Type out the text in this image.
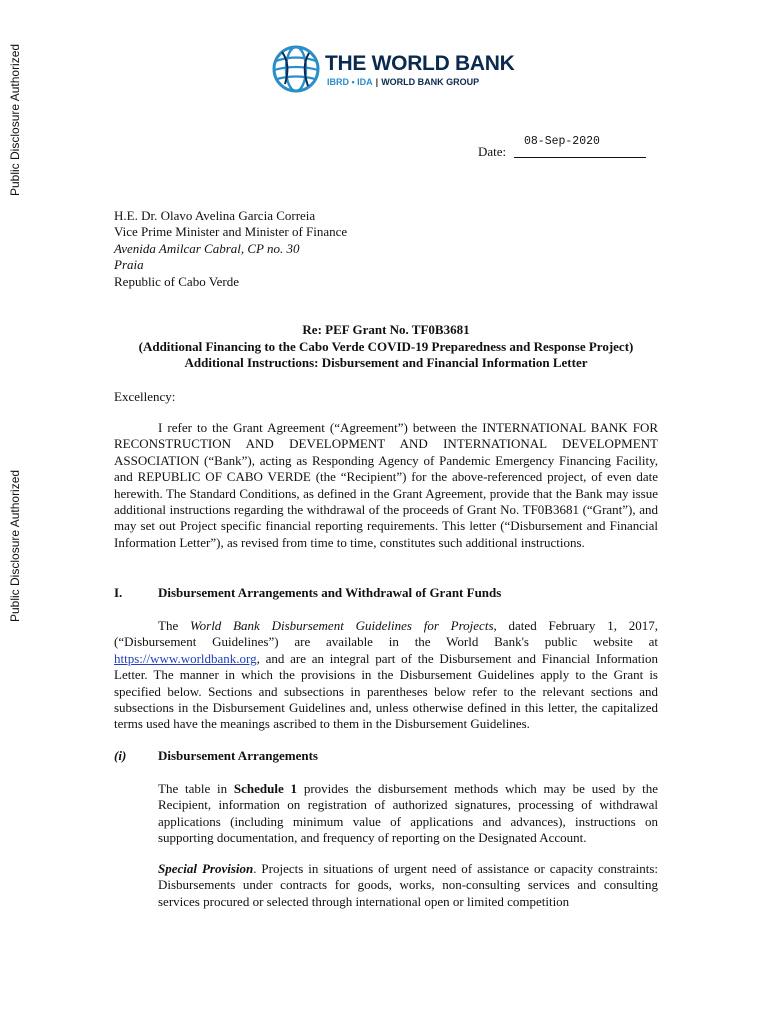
Public Disclosure Authorized
Public Disclosure Authorized
THE WORLD BANK
IBRD • IDA | WORLD BANK GROUP
08-Sep-2020
Date:
H.E. Dr. Olavo Avelina Garcia Correia
Vice Prime Minister and Minister of Finance
Avenida Amilcar Cabral, CP no. 30
Praia
Republic of Cabo Verde
Re: PEF Grant No. TF0B3681
(Additional Financing to the Cabo Verde COVID-19 Preparedness and Response Project)
Additional Instructions: Disbursement and Financial Information Letter
Excellency:
I refer to the Grant Agreement (“Agreement”) between the INTERNATIONAL BANK FOR RECONSTRUCTION AND DEVELOPMENT AND INTERNATIONAL DEVELOPMENT ASSOCIATION (“Bank”), acting as Responding Agency of Pandemic Emergency Financing Facility, and REPUBLIC OF CABO VERDE (the “Recipient”) for the above-referenced project, of even date herewith. The Standard Conditions, as defined in the Grant Agreement, provide that the Bank may issue additional instructions regarding the withdrawal of the proceeds of Grant No. TF0B3681 (“Grant”), and may set out Project specific financial reporting requirements. This letter (“Disbursement and Financial Information Letter”), as revised from time to time, constitutes such additional instructions.
I.	Disbursement Arrangements and Withdrawal of Grant Funds
The World Bank Disbursement Guidelines for Projects, dated February 1, 2017, (“Disbursement Guidelines”) are available in the World Bank's public website at https://www.worldbank.org, and are an integral part of the Disbursement and Financial Information Letter. The manner in which the provisions in the Disbursement Guidelines apply to the Grant is specified below. Sections and subsections in parentheses below refer to the relevant sections and subsections in the Disbursement Guidelines and, unless otherwise defined in this letter, the capitalized terms used have the meanings ascribed to them in the Disbursement Guidelines.
(i) Disbursement Arrangements
The table in Schedule 1 provides the disbursement methods which may be used by the Recipient, information on registration of authorized signatures, processing of withdrawal applications (including minimum value of applications and advances), instructions on supporting documentation, and frequency of reporting on the Designated Account.
Special Provision. Projects in situations of urgent need of assistance or capacity constraints: Disbursements under contracts for goods, works, non-consulting services and consulting services procured or selected through international open or limited competition
